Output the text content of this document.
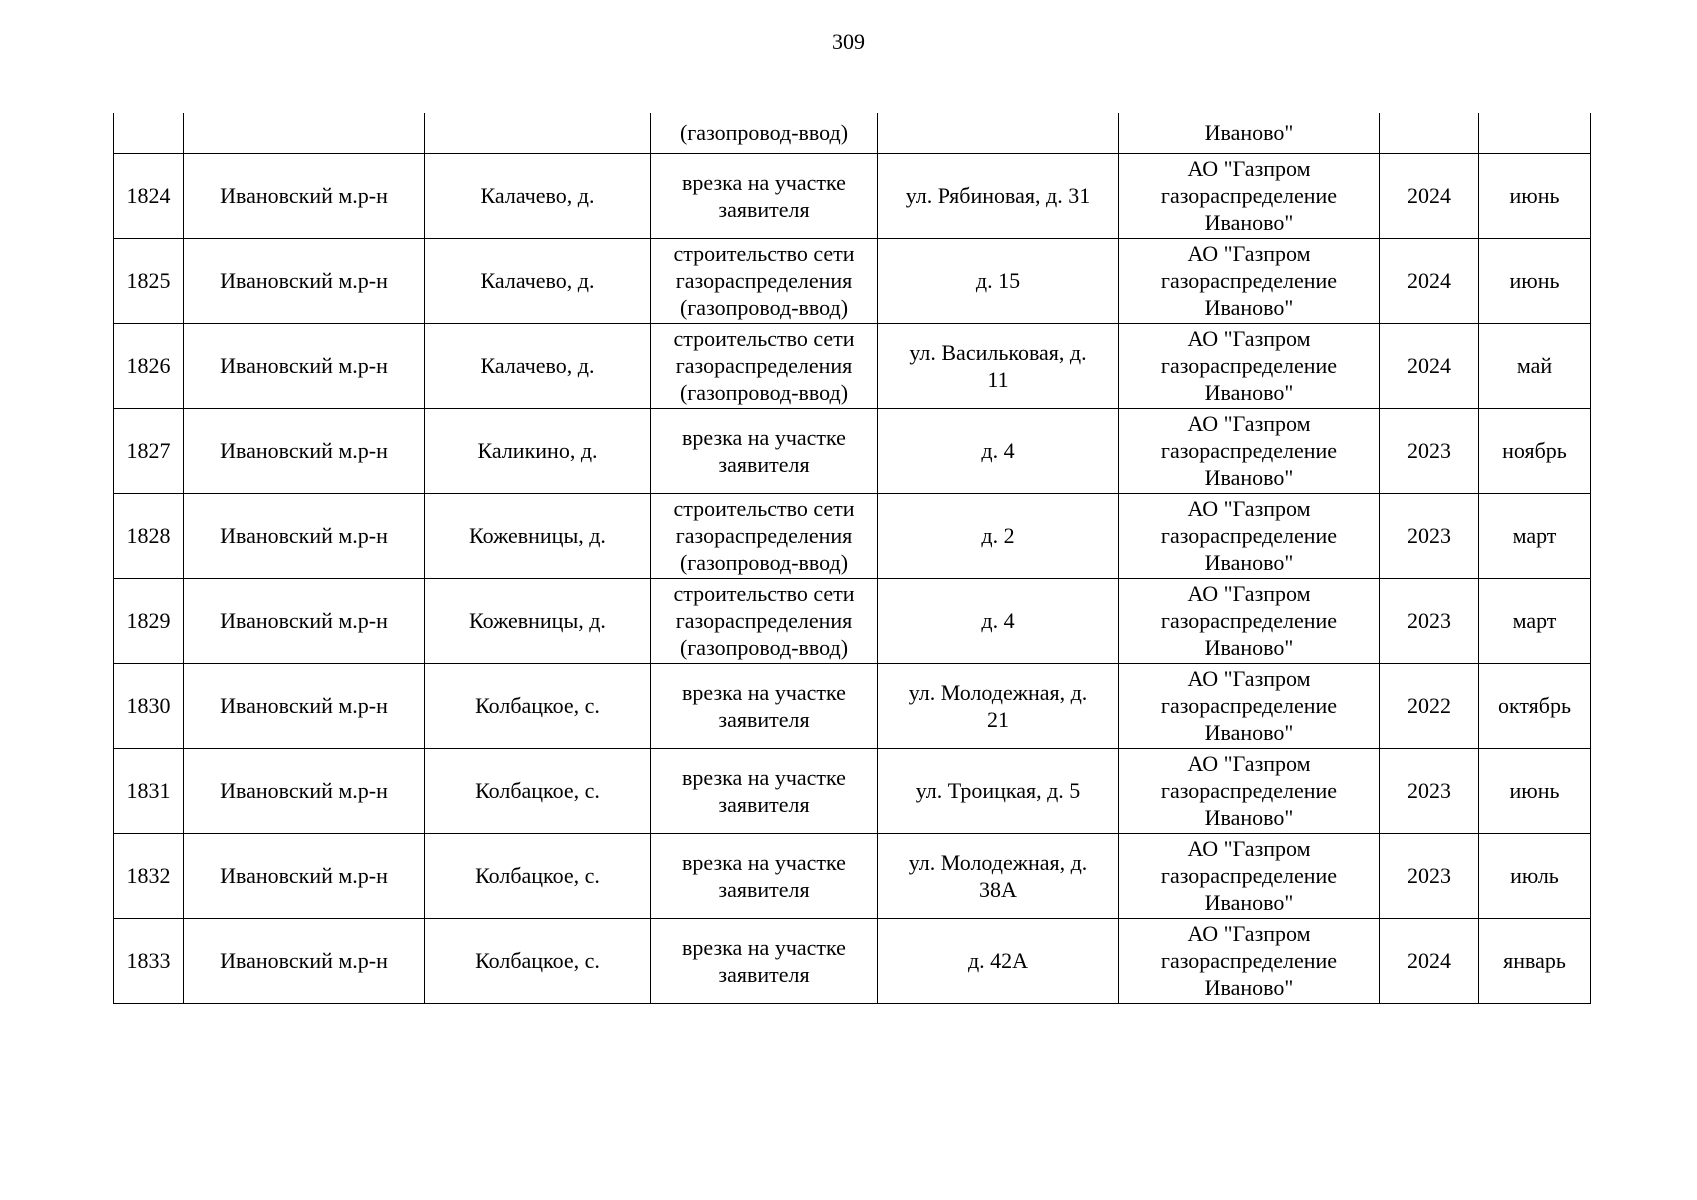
309
			(газопровод-ввод)		Иваново"		
1824	Ивановский м.р-н	Калачево, д.	врезка на участке
заявителя	ул. Рябиновая, д. 31	АО "Газпром
газораспределение
Иваново"	2024	июнь
1825	Ивановский м.р-н	Калачево, д.	строительство сети
газораспределения
(газопровод-ввод)	д. 15	АО "Газпром
газораспределение
Иваново"	2024	июнь
1826	Ивановский м.р-н	Калачево, д.	строительство сети
газораспределения
(газопровод-ввод)	ул. Васильковая, д.
11	АО "Газпром
газораспределение
Иваново"	2024	май
1827	Ивановский м.р-н	Каликино, д.	врезка на участке
заявителя	д. 4	АО "Газпром
газораспределение
Иваново"	2023	ноябрь
1828	Ивановский м.р-н	Кожевницы, д.	строительство сети
газораспределения
(газопровод-ввод)	д. 2	АО "Газпром
газораспределение
Иваново"	2023	март
1829	Ивановский м.р-н	Кожевницы, д.	строительство сети
газораспределения
(газопровод-ввод)	д. 4	АО "Газпром
газораспределение
Иваново"	2023	март
1830	Ивановский м.р-н	Колбацкое, с.	врезка на участке
заявителя	ул. Молодежная, д.
21	АО "Газпром
газораспределение
Иваново"	2022	октябрь
1831	Ивановский м.р-н	Колбацкое, с.	врезка на участке
заявителя	ул. Троицкая, д. 5	АО "Газпром
газораспределение
Иваново"	2023	июнь
1832	Ивановский м.р-н	Колбацкое, с.	врезка на участке
заявителя	ул. Молодежная, д.
38А	АО "Газпром
газораспределение
Иваново"	2023	июль
1833	Ивановский м.р-н	Колбацкое, с.	врезка на участке
заявителя	д. 42А	АО "Газпром
газораспределение
Иваново"	2024	январь
